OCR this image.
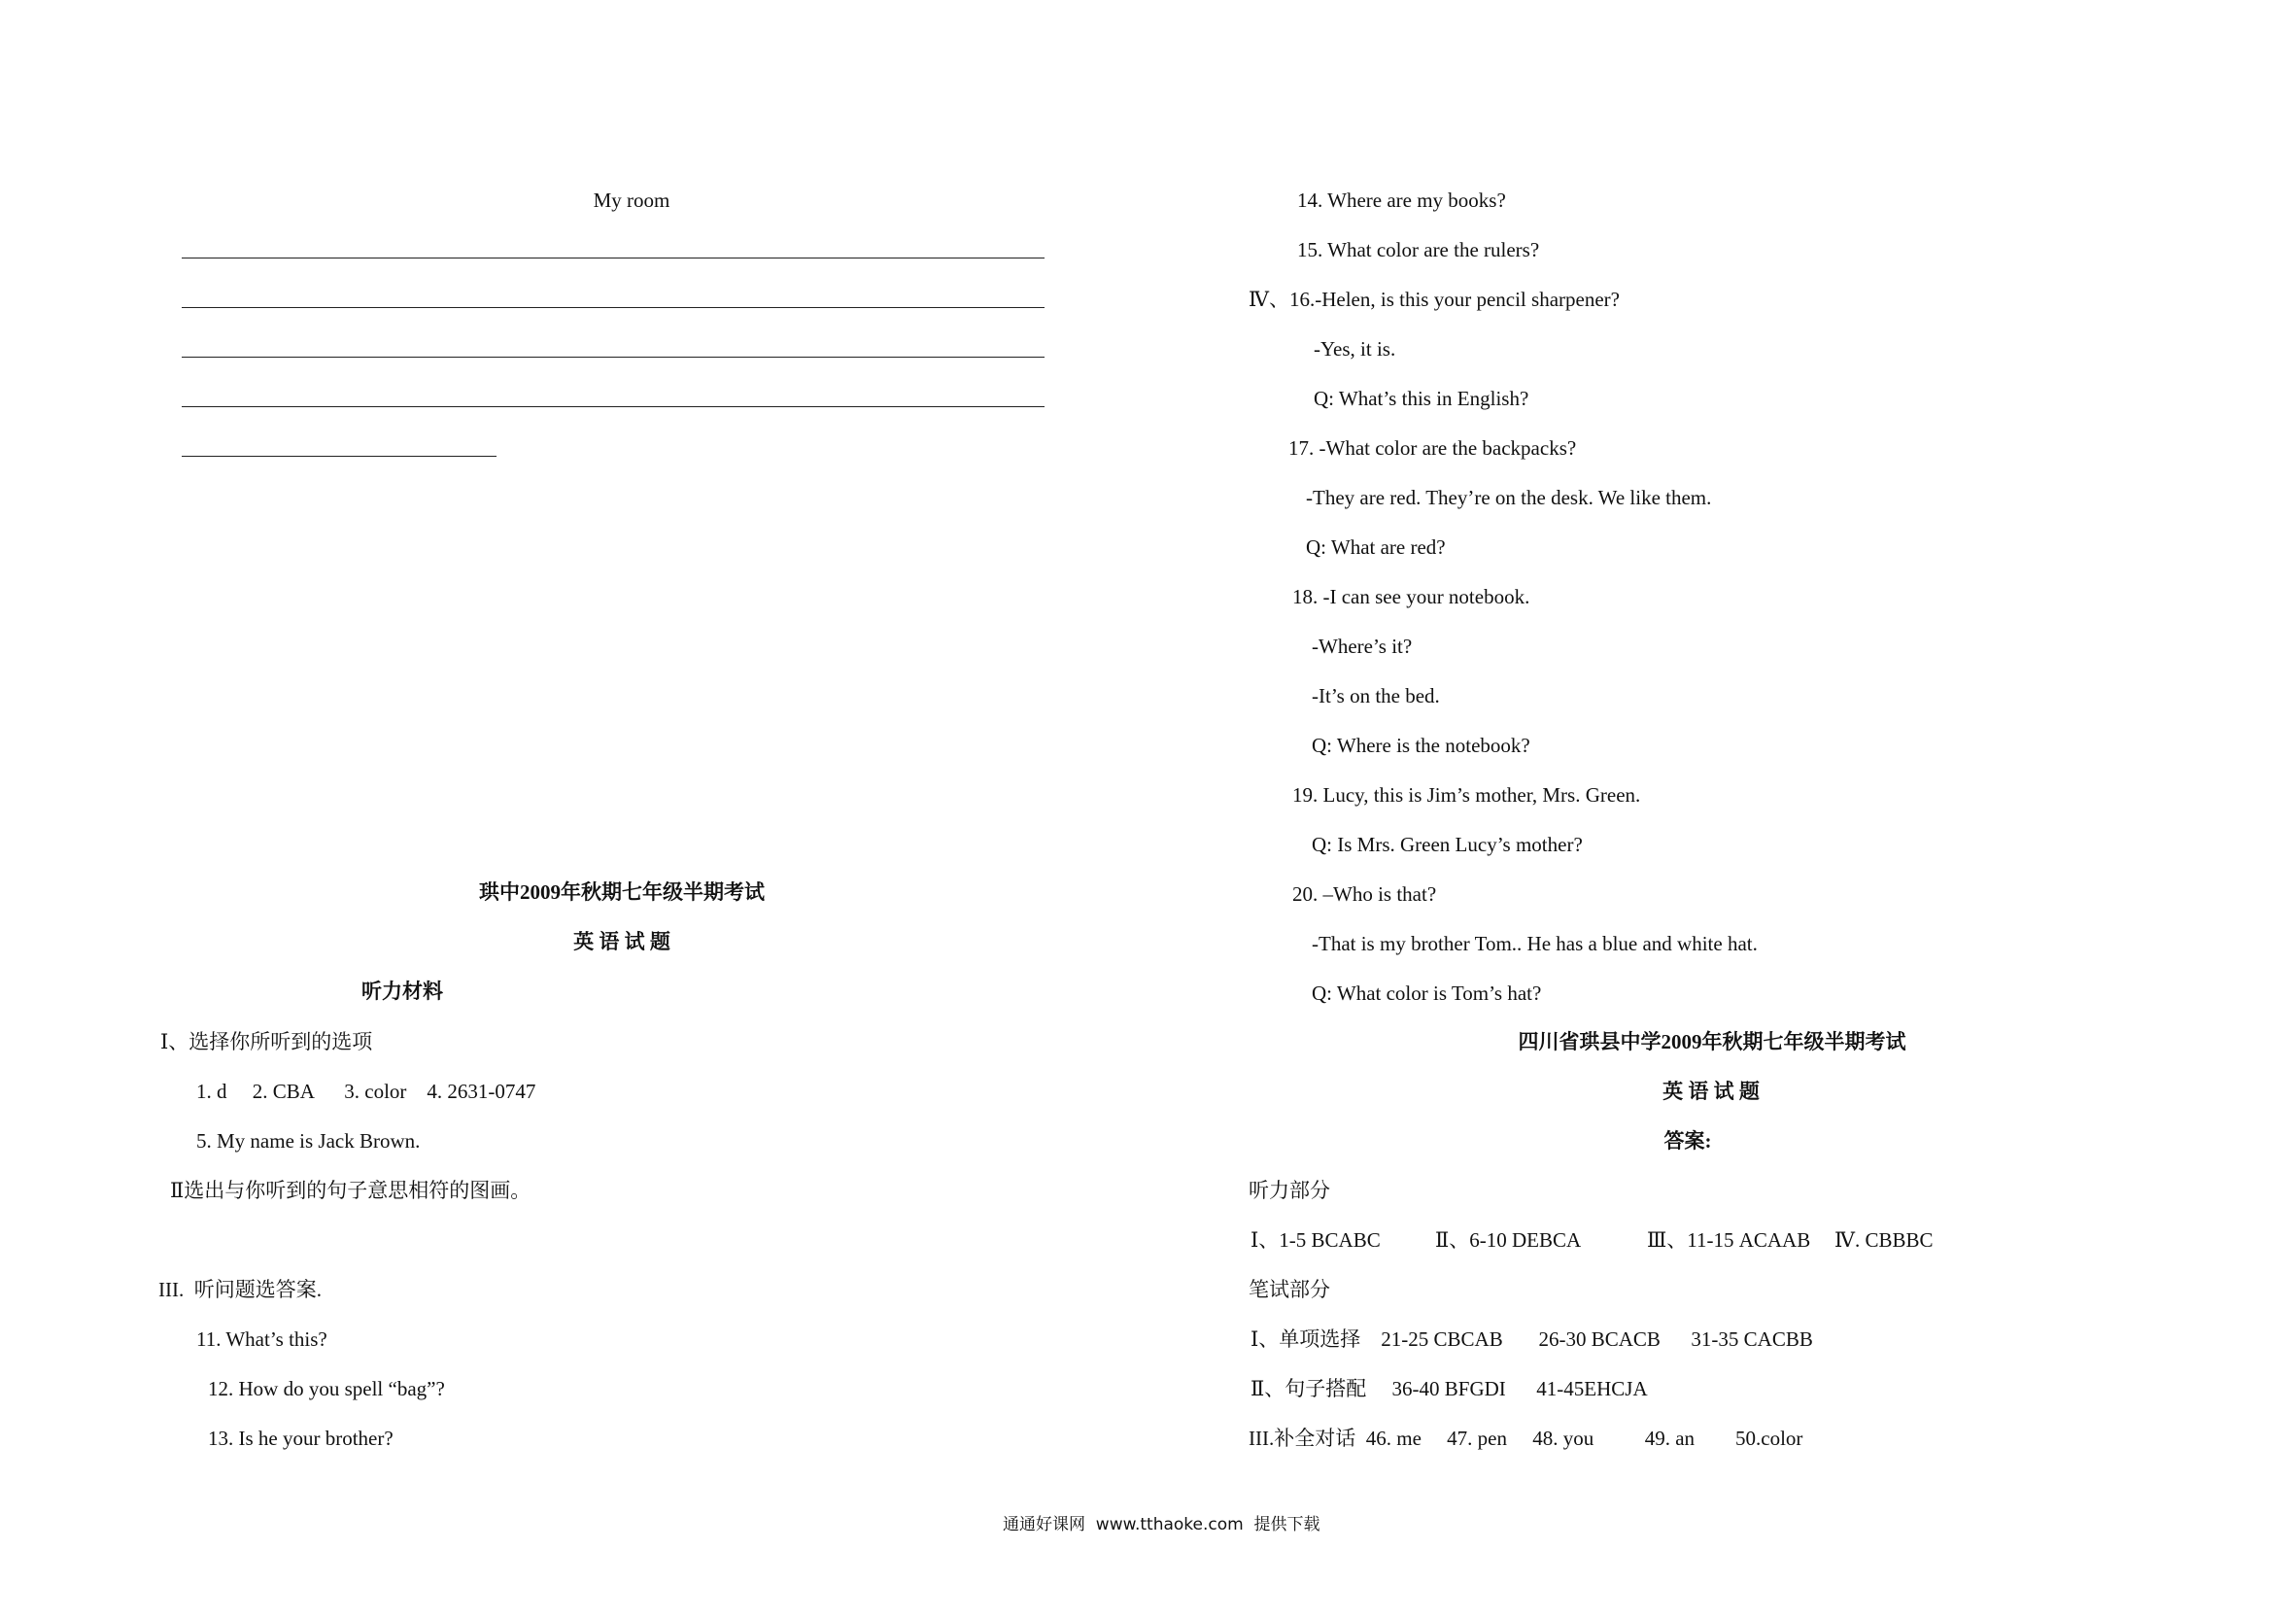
My room
珙中2009年秋期七年级半期考试
英 语 试 题
听力材料
Ⅰ、选择你所听到的选项
1. d     2. CBA      3. color    4. 2631-0747
5. My name is Jack Brown.
Ⅱ选出与你听到的句子意思相符的图画。
III.  听问题选答案.
11. What’s this?
12. How do you spell “bag”?
13. Is he your brother?
14. Where are my books?
15. What color are the rulers?
Ⅳ、16.-Helen, is this your pencil sharpener?
-Yes, it is.
Q: What’s this in English?
17. -What color are the backpacks?
-They are red. They’re on the desk. We like them.
Q: What are red?
18. -I can see your notebook.
-Where’s it?
-It’s on the bed.
Q: Where is the notebook?
19. Lucy, this is Jim’s mother, Mrs. Green.
Q: Is Mrs. Green Lucy’s mother?
20. –Who is that?
-That is my brother Tom.. He has a blue and white hat.
Q: What color is Tom’s hat?
四川省珙县中学2009年秋期七年级半期考试
英 语 试 题
答案:
听力部分
Ⅰ、1-5 BCABC	Ⅱ、6-10 DEBCA	Ⅲ、11-15 ACAAB Ⅳ. CBBBC
笔试部分
Ⅰ、单项选择    21-25 CBCAB       26-30 BCACB      31-35 CACBB
Ⅱ、句子搭配     36-40 BFGDI      41-45EHCJA
III.补全对话  46. me     47. pen     48. you          49. an        50.color
通通好课网  www.tthaoke.com  提供下载
